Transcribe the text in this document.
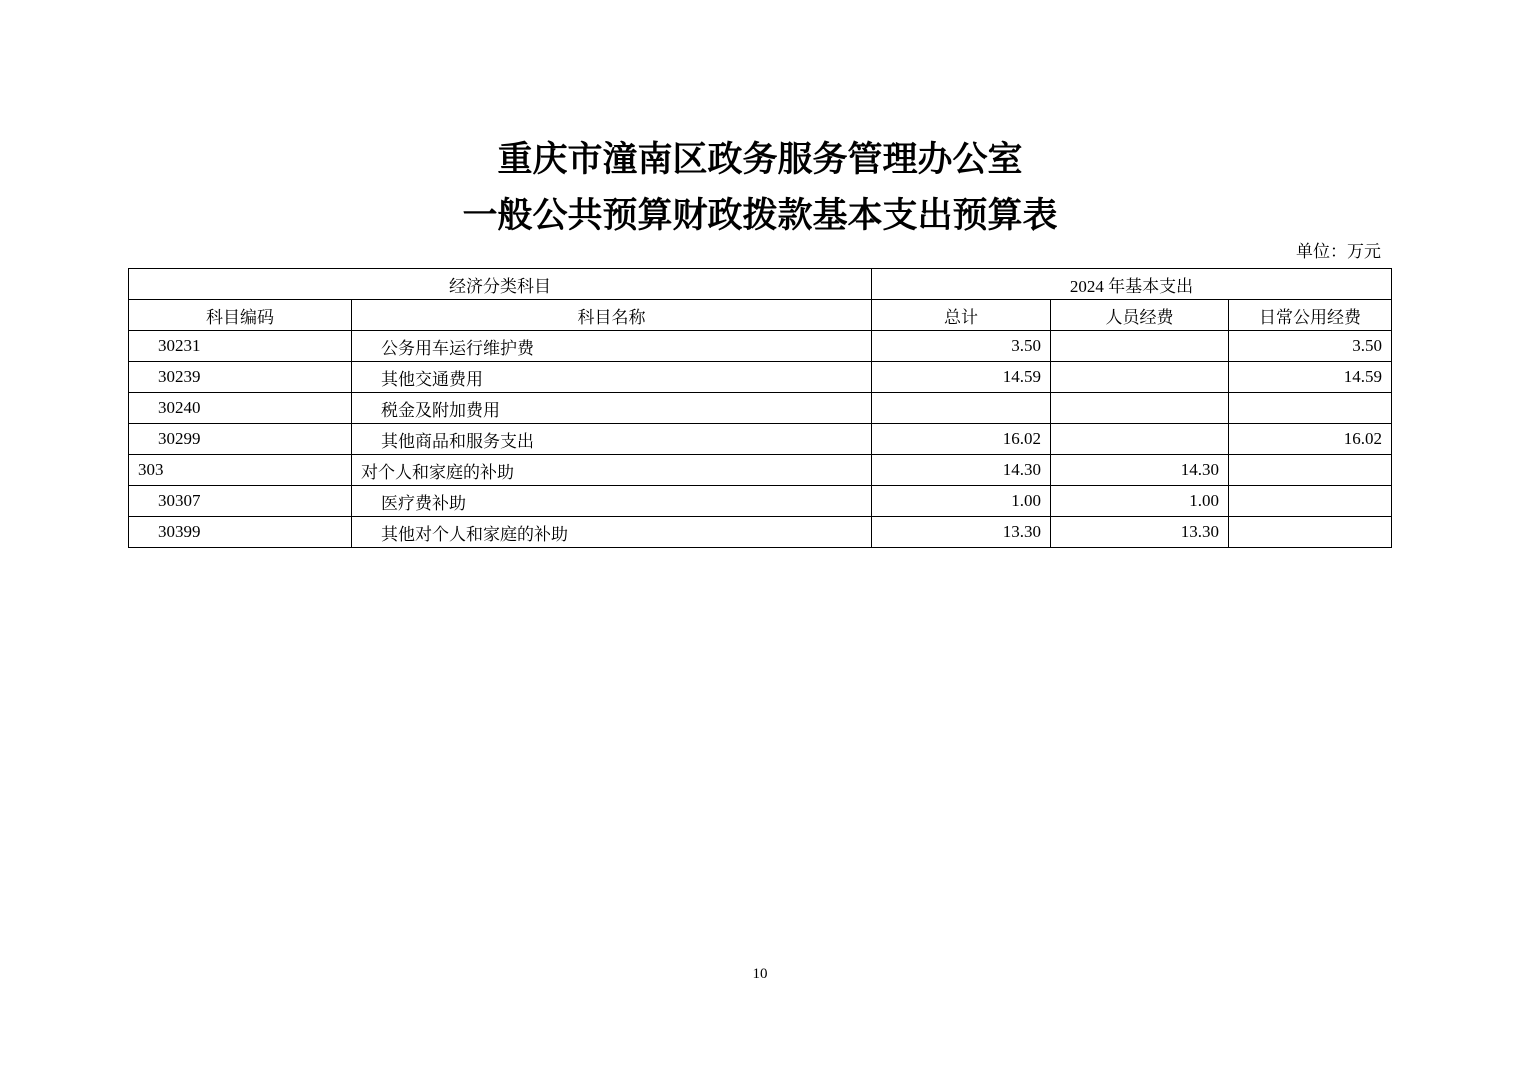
重庆市潼南区政务服务管理办公室
一般公共预算财政拨款基本支出预算表
单位：万元
经济分类科目		2024 年基本支出		
科目编码	科目名称	总计	人员经费	日常公用经费
30231	公务用车运行维护费	3.50		3.50
30239	其他交通费用	14.59		14.59
30240	税金及附加费用			
30299	其他商品和服务支出	16.02		16.02
303	对个人和家庭的补助	14.30	14.30	
30307	医疗费补助	1.00	1.00	
30399	其他对个人和家庭的补助	13.30	13.30	
10
